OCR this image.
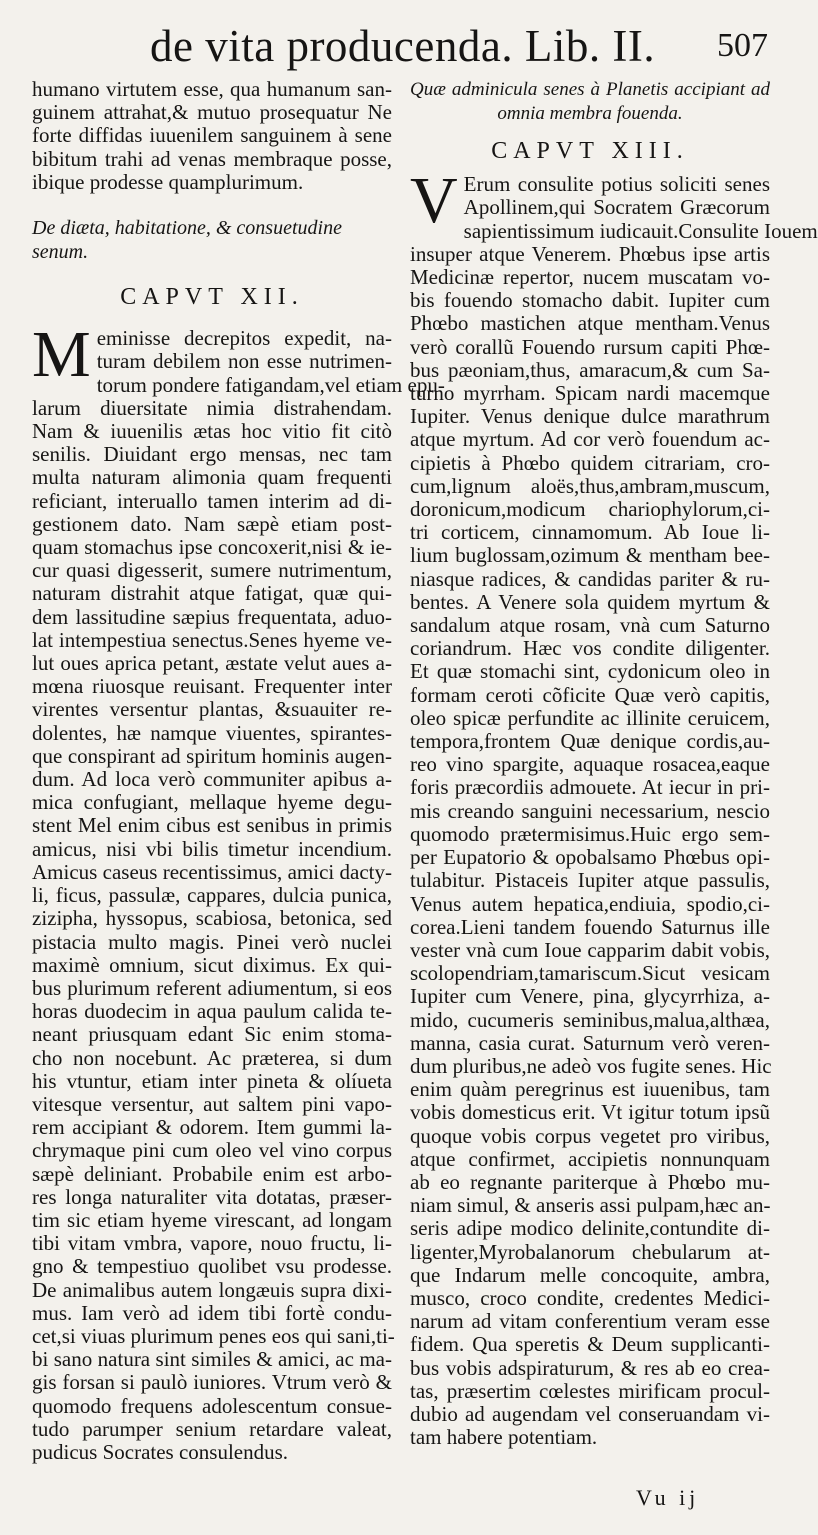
de vita producenda. Lib. II. 507
humano virtutem esse, qua humanum san-
guinem attrahat,& mutuo prosequatur Ne
forte diffidas iuuenilem sanguinem à sene
bibitum trahi ad venas membraque posse,
ibique prodesse quamplurimum.
De diæta, habitatione, & consuetudine senum.
CAPVT XII.
M eminisse decrepitos expedit, na-
turam debilem non esse nutrimen-
torum pondere fatigandam,vel etiam epu-
larum diuersitate nimia distrahendam.
Nam & iuuenilis ætas hoc vitio fit citò
senilis. Diuidant ergo mensas, nec tam
multa naturam alimonia quam frequenti
reficiant, interuallo tamen interim ad di-
gestionem dato. Nam sæpè etiam post-
quam stomachus ipse concoxerit,nisi & ie-
cur quasi digesserit, sumere nutrimentum,
naturam distrahit atque fatigat, quæ qui-
dem lassitudine sæpius frequentata, aduo-
lat intempestiua senectus.Senes hyeme ve-
lut oues aprica petant, æstate velut aues a-
mœna riuosque reuisant. Frequenter inter
virentes versentur plantas, &suauiter re-
dolentes, hæ namque viuentes, spirantes-
que conspirant ad spiritum hominis augen-
dum. Ad loca verò communiter apibus a-
mica confugiant, mellaque hyeme degu-
stent Mel enim cibus est senibus in primis
amicus, nisi vbi bilis timetur incendium.
Amicus caseus recentissimus, amici dacty-
li, ficus, passulæ, cappares, dulcia punica,
zizipha, hyssopus, scabiosa, betonica, sed
pistacia multo magis. Pinei verò nuclei
maximè omnium, sicut diximus. Ex qui-
bus plurimum referent adiumentum, si eos
horas duodecim in aqua paulum calida te-
neant priusquam edant Sic enim stoma-
cho non nocebunt. Ac præterea, si dum
his vtuntur, etiam inter pineta & olíueta
vitesque versentur, aut saltem pini vapo-
rem accipiant & odorem. Item gummi la-
chrymaque pini cum oleo vel vino corpus
sæpè deliniant. Probabile enim est arbo-
res longa naturaliter vita dotatas, præser-
tim sic etiam hyeme virescant, ad longam
tibi vitam vmbra, vapore, nouo fructu, li-
gno & tempestiuo quolibet vsu prodesse.
De animalibus autem longæuis supra dixi-
mus. Iam verò ad idem tibi fortè condu-
cet,si viuas plurimum penes eos qui sani,ti-
bi sano natura sint similes & amici, ac ma-
gis forsan si paulò iuniores. Vtrum verò &
quomodo frequens adolescentum consue-
tudo parumper senium retardare valeat,
pudicus Socrates consulendus.
Quæ adminicula senes à Planetis accipiant ad
omnia membra fouenda.
CAPVT XIII.
V Erum consulite potius soliciti senes
Apollinem,qui Socratem Græcorum
sapientissimum iudicauit.Consulite Iouem
insuper atque Venerem. Phœbus ipse artis
Medicinæ repertor, nucem muscatam vo-
bis fouendo stomacho dabit. Iupiter cum
Phœbo mastichen atque mentham.Venus
verò corallũ Fouendo rursum capiti Phœ-
bus pæoniam,thus, amaracum,& cum Sa-
turno myrrham. Spicam nardi macemque
Iupiter. Venus denique dulce marathrum
atque myrtum. Ad cor verò fouendum ac-
cipietis à Phœbo quidem citrariam, cro-
cum,lignum aloës,thus,ambram,muscum,
doronicum,modicum chariophylorum,ci-
tri corticem, cinnamomum. Ab Ioue li-
lium buglossam,ozimum & mentham bee-
niasque radices, & candidas pariter & ru-
bentes. A Venere sola quidem myrtum &
sandalum atque rosam, vnà cum Saturno
coriandrum. Hæc vos condite diligenter.
Et quæ stomachi sint, cydonicum oleo in
formam ceroti cõficite Quæ verò capitis,
oleo spicæ perfundite ac illinite ceruicem,
tempora,frontem Quæ denique cordis,au-
reo vino spargite, aquaque rosacea,eaque
foris præcordiis admouete. At iecur in pri-
mis creando sanguini necessarium, nescio
quomodo prætermisimus.Huic ergo sem-
per Eupatorio & opobalsamo Phœbus opi-
tulabitur. Pistaceis Iupiter atque passulis,
Venus autem hepatica,endiuia, spodio,ci-
corea.Lieni tandem fouendo Saturnus ille
vester vnà cum Ioue capparim dabit vobis,
scolopendriam,tamariscum.Sicut vesicam
Iupiter cum Venere, pina, glycyrrhiza, a-
mido, cucumeris seminibus,malua,althæa,
manna, casia curat. Saturnum verò veren-
dum pluribus,ne adeò vos fugite senes. Hic
enim quàm peregrinus est iuuenibus, tam
vobis domesticus erit. Vt igitur totum ipsũ
quoque vobis corpus vegetet pro viribus,
atque confirmet, accipietis nonnunquam
ab eo regnante pariterque à Phœbo mu-
niam simul, & anseris assi pulpam,hæc an-
seris adipe modico delinite,contundite di-
ligenter,Myrobalanorum chebularum at-
que Indarum melle concoquite, ambra,
musco, croco condite, credentes Medici-
narum ad vitam conferentium veram esse
fidem. Qua speretis & Deum supplicanti-
bus vobis adspiraturum, & res ab eo crea-
tas, præsertim cœlestes mirificam procul-
dubio ad augendam vel conseruandam vi-
tam habere potentiam.
Vu ij
